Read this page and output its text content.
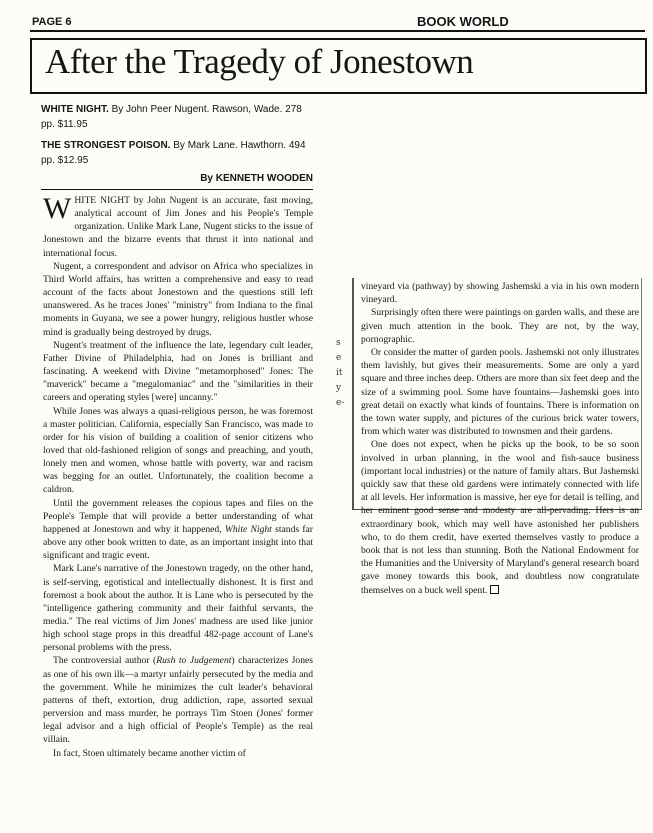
PAGE 6	BOOK WORLD
After the Tragedy of Jonestown

WHITE NIGHT. By John Peer Nugent. Rawson, Wade. 278 pp. $11.95

THE STRONGEST POISON. By Mark Lane. Hawthorn. 494 pp. $12.95

By KENNETH WOODEN

WHITE NIGHT by John Nugent is an accurate, fast moving, analytical account of Jim Jones and his People's Temple organization. Unlike Mark Lane, Nugent sticks to the issue of Jonestown and the bizarre events that thrust it into national and international focus.

Nugent, a correspondent and advisor on Africa who specializes in Third World affairs, has written a comprehensive and easy to read account of the facts about Jonestown and the questions still left unanswered. As he traces Jones' "ministry" from Indiana to the final moments in Guyana, we see a power hungry, religious hustler whose mind is gradually being destroyed by drugs.

Nugent's treatment of the influence the late, legendary cult leader, Father Divine of Philadelphia, had on Jones is brilliant and fascinating. A weekend with Divine "metamorphosed" Jones: The "maverick" became a "megalomaniac" and the "similarities in their careers and operating styles [were] uncanny."

While Jones was always a quasi-religious person, he was foremost a master politician. California, especially San Francisco, was made to order for his vision of building a coalition of senior citizens who loved that old-fashioned religion of songs and preaching, and youth, lonely men and women, whose battle with poverty, war and racism was begging for an outlet. Unfortunately, the coalition become a caldron.

Until the government releases the copious tapes and files on the People's Temple that will provide a better understanding of what happened at Jonestown and why it happened, White Night stands far above any other book written to date, as an important insight into that significant and tragic event.

Mark Lane's narrative of the Jonestown tragedy, on the other hand, is self-serving, egotistical and intellectually dishonest. It is first and foremost a book about the author. It is Lane who is persecuted by the "intelligence gathering community and their faithful servants, the media." The real victims of Jim Jones' madness are used like junior high school stage props in this dreadful 482-page account of Lane's personal problems with the press.

The controversial author (Rush to Judgement) characterizes Jones as one of his own ilk—a martyr unfairly persecuted by the media and the government. While he minimizes the cult leader's behavioral patterns of theft, extortion, drug addiction, rape, assorted sexual perversion and mass murder, he portrays Tim Stoen (Jones' former legal advisor and a high official of People's Temple) as the real villain.

In fact, Stoen ultimately became another victim of

vineyard via (pathway) by showing Jashemski a via in his own modern vineyard.

Surprisingly often there were paintings on garden walls, and these are given much attention in the book. They are not, by the way, pornographic.

Or consider the matter of garden pools. Jashemski not only illustrates them lavishly, but gives their measurements. Some are only a yard square and three inches deep. Others are more than six feet deep and the size of a swimming pool. Some have fountains—Jashemski goes into great detail on exactly what kinds of fountains. There is information on the town water supply, and pictures of the curious brick water towers, from which water was distributed to townsmen and their gardens.

One does not expect, when he picks up the book, to be so soon involved in urban planning, in the wool and fish-sauce business (important local industries) or the nature of family altars. But Jashemski quickly saw that these old gardens were intimately connected with life at all levels. Her information is massive, her eye for detail is telling, and her eminent good sense and modesty are all-pervading. Hers is an extraordinary book, which may well have astonished her publishers who, to do them credit, have exerted themselves vastly to produce a book that is not less than stunning. Both the National Endowment for the Humanities and the University of Maryland's general research board gave money towards this book, and doubtless now congratulate themselves on a buck well spent.

s
e
it
y
e-
